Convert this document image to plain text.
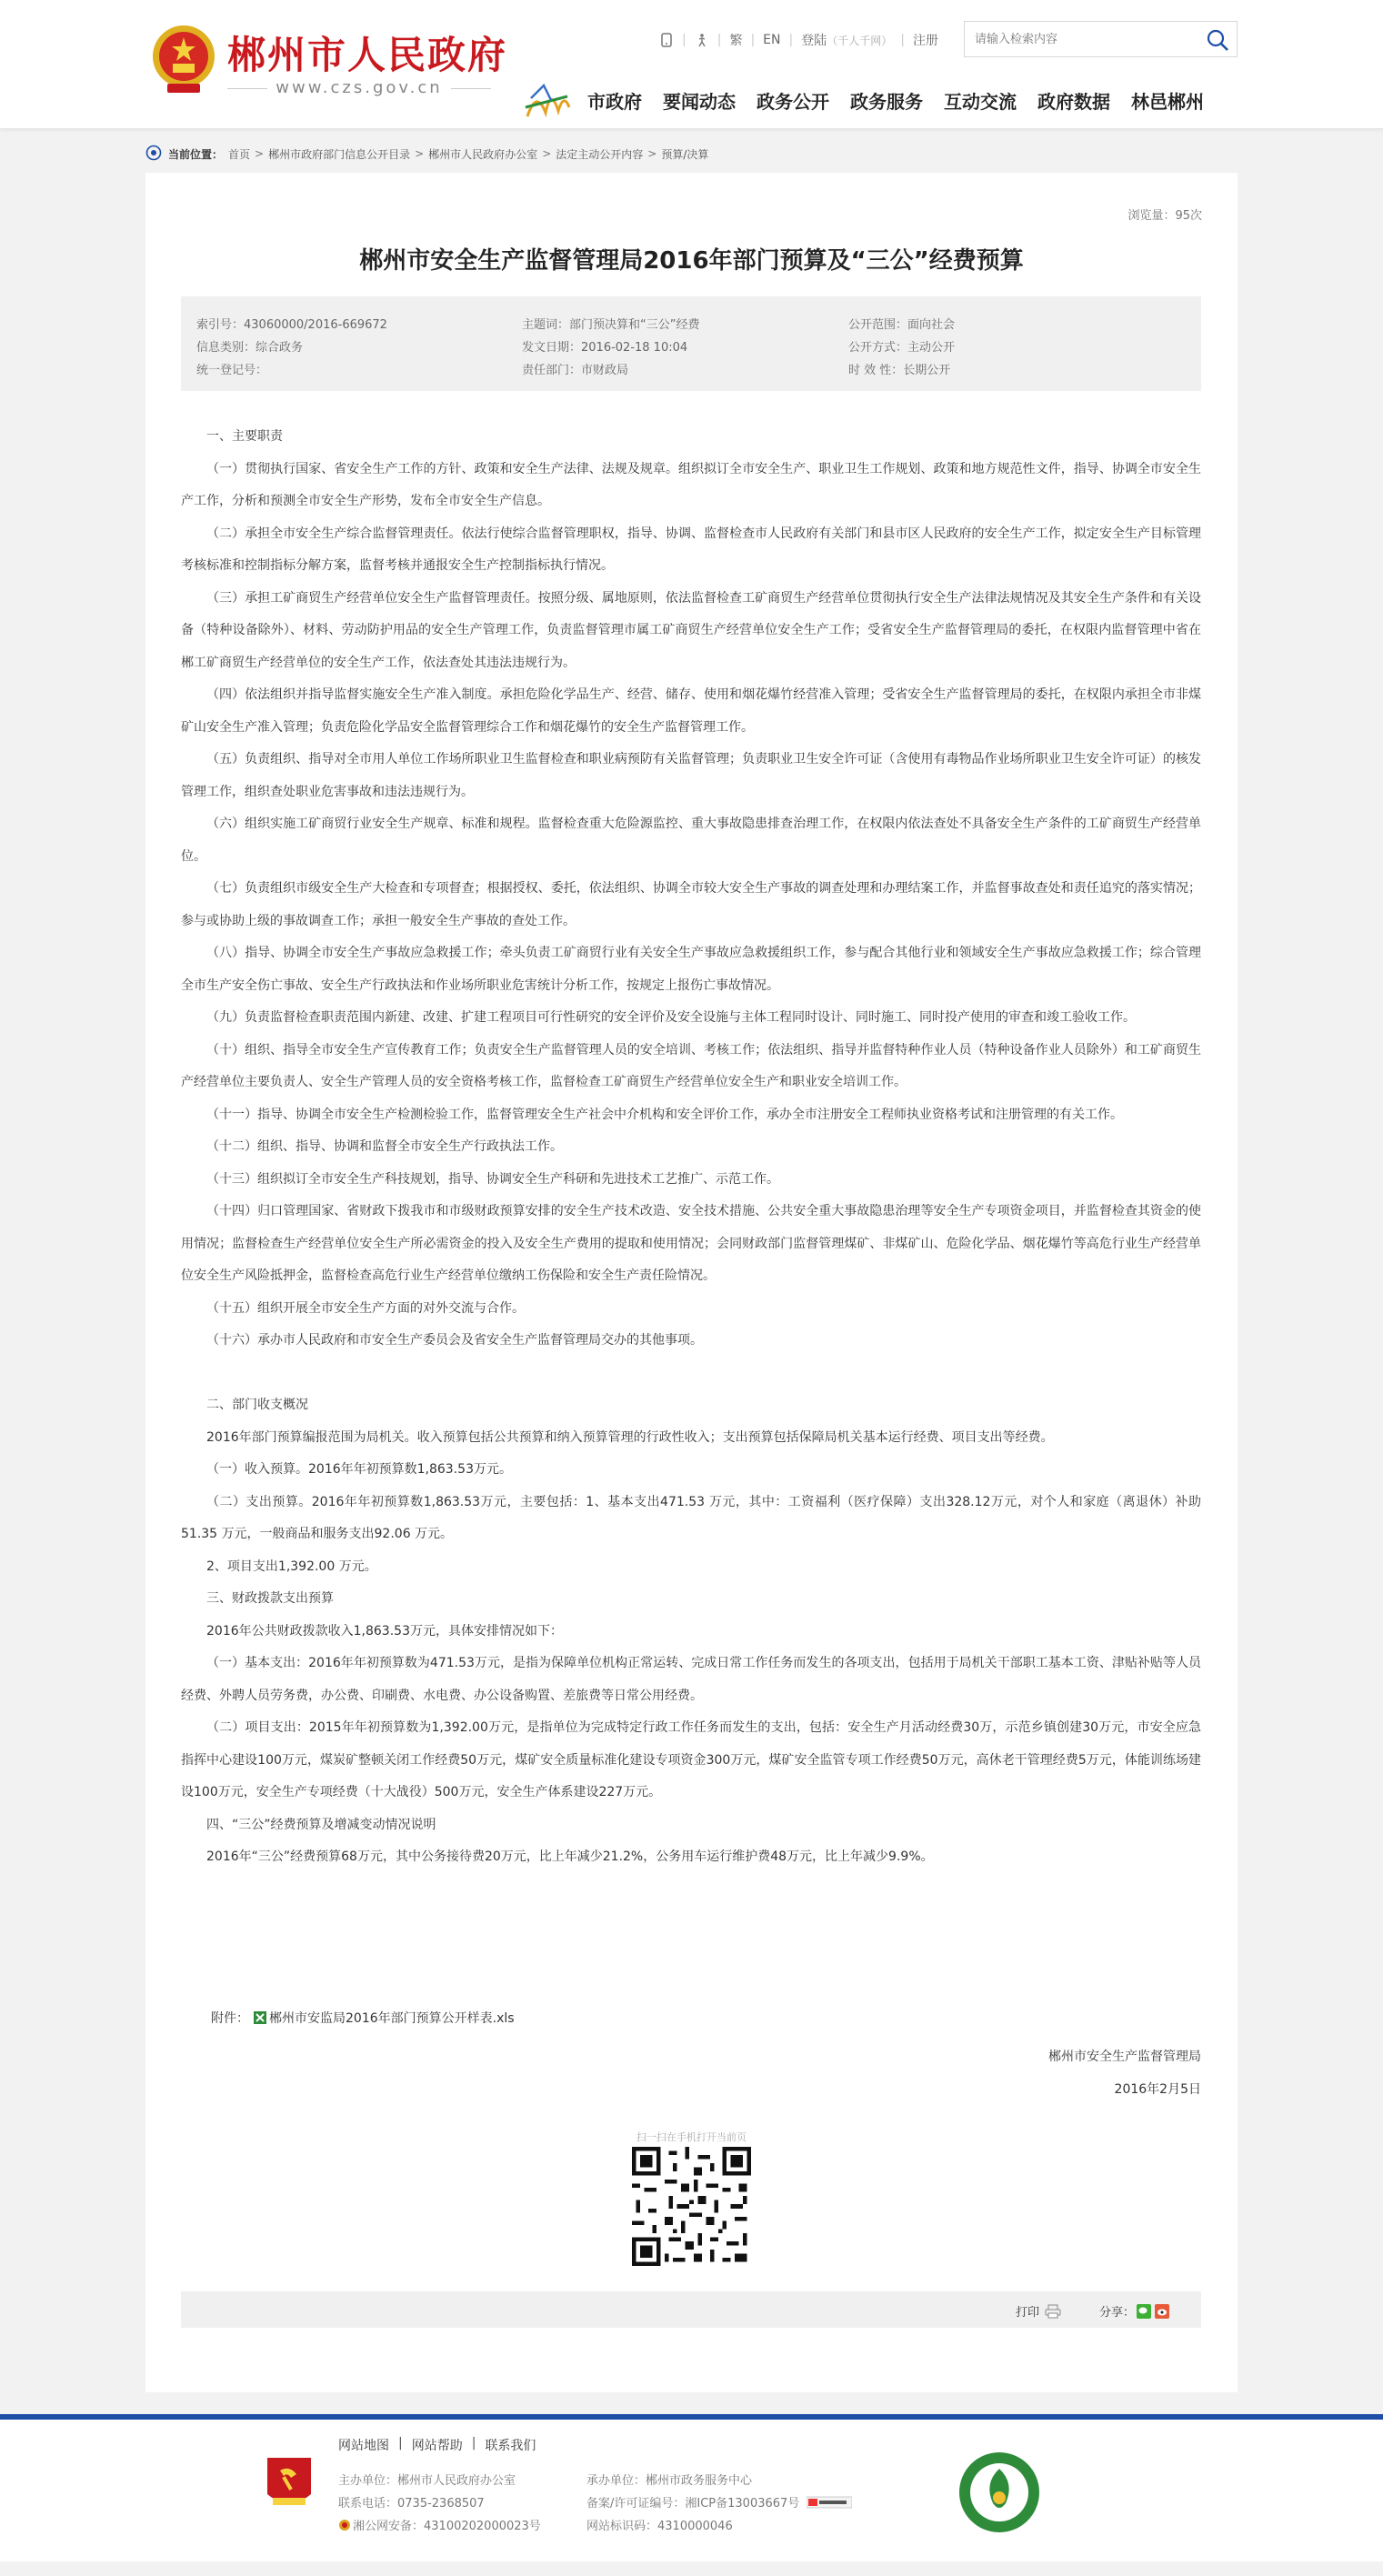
郴州市人民政府
www.czs.gov.cn
| | 繁 | EN | 登陆 （千人千网） | 注册
请输入检索内容
市政府 要闻动态 政务公开 政务服务 互动交流 政府数据 林邑郴州
当前位置： 首页 > 郴州市政府部门信息公开目录 > 郴州市人民政府办公室 > 法定主动公开内容 > 预算/决算
浏览量：95次
郴州市安全生产监督管理局2016年部门预算及“三公”经费预算
索引号：43060000/2016-669672
信息类别：综合政务
统一登记号：
主题词：部门预决算和“三公”经费
发文日期：2016-02-18 10:04
责任部门：市财政局
公开范围：面向社会
公开方式：主动公开
时 效 性：长期公开

一、主要职责

（一）贯彻执行国家、省安全生产工作的方针、政策和安全生产法律、法规及规章。组织拟订全市安全生产、职业卫生工作规划、政策和地方规范性文件，指导、协调全市安全生产工作，分析和预测全市安全生产形势，发布全市安全生产信息。

（二）承担全市安全生产综合监督管理责任。依法行使综合监督管理职权，指导、协调、监督检查市人民政府有关部门和县市区人民政府的安全生产工作，拟定安全生产目标管理考核标准和控制指标分解方案，监督考核并通报安全生产控制指标执行情况。

（三）承担工矿商贸生产经营单位安全生产监督管理责任。按照分级、属地原则，依法监督检查工矿商贸生产经营单位贯彻执行安全生产法律法规情况及其安全生产条件和有关设备（特种设备除外）、材料、劳动防护用品的安全生产管理工作，负责监督管理市属工矿商贸生产经营单位安全生产工作；受省安全生产监督管理局的委托，在权限内监督管理中省在郴工矿商贸生产经营单位的安全生产工作，依法查处其违法违规行为。

（四）依法组织并指导监督实施安全生产准入制度。承担危险化学品生产、经营、储存、使用和烟花爆竹经营准入管理；受省安全生产监督管理局的委托，在权限内承担全市非煤矿山安全生产准入管理；负责危险化学品安全监督管理综合工作和烟花爆竹的安全生产监督管理工作。

（五）负责组织、指导对全市用人单位工作场所职业卫生监督检查和职业病预防有关监督管理；负责职业卫生安全许可证（含使用有毒物品作业场所职业卫生安全许可证）的核发管理工作，组织查处职业危害事故和违法违规行为。

（六）组织实施工矿商贸行业安全生产规章、标准和规程。监督检查重大危险源监控、重大事故隐患排查治理工作，在权限内依法查处不具备安全生产条件的工矿商贸生产经营单位。

（七）负责组织市级安全生产大检查和专项督查；根据授权、委托，依法组织、协调全市较大安全生产事故的调查处理和办理结案工作，并监督事故查处和责任追究的落实情况；参与或协助上级的事故调查工作；承担一般安全生产事故的查处工作。

（八）指导、协调全市安全生产事故应急救援工作；牵头负责工矿商贸行业有关安全生产事故应急救援组织工作，参与配合其他行业和领域安全生产事故应急救援工作；综合管理全市生产安全伤亡事故、安全生产行政执法和作业场所职业危害统计分析工作，按规定上报伤亡事故情况。

（九）负责监督检查职责范围内新建、改建、扩建工程项目可行性研究的安全评价及安全设施与主体工程同时设计、同时施工、同时投产使用的审查和竣工验收工作。

（十）组织、指导全市安全生产宣传教育工作；负责安全生产监督管理人员的安全培训、考核工作；依法组织、指导并监督特种作业人员（特种设备作业人员除外）和工矿商贸生产经营单位主要负责人、安全生产管理人员的安全资格考核工作，监督检查工矿商贸生产经营单位安全生产和职业安全培训工作。

（十一）指导、协调全市安全生产检测检验工作，监督管理安全生产社会中介机构和安全评价工作，承办全市注册安全工程师执业资格考试和注册管理的有关工作。

（十二）组织、指导、协调和监督全市安全生产行政执法工作。

（十三）组织拟订全市安全生产科技规划，指导、协调安全生产科研和先进技术工艺推广、示范工作。

（十四）归口管理国家、省财政下拨我市和市级财政预算安排的安全生产技术改造、安全技术措施、公共安全重大事故隐患治理等安全生产专项资金项目，并监督检查其资金的使用情况；监督检查生产经营单位安全生产所必需资金的投入及安全生产费用的提取和使用情况；会同财政部门监督管理煤矿、非煤矿山、危险化学品、烟花爆竹等高危行业生产经营单位安全生产风险抵押金，监督检查高危行业生产经营单位缴纳工伤保险和安全生产责任险情况。

（十五）组织开展全市安全生产方面的对外交流与合作。

（十六）承办市人民政府和市安全生产委员会及省安全生产监督管理局交办的其他事项。

二、部门收支概况

2016年部门预算编报范围为局机关。收入预算包括公共预算和纳入预算管理的行政性收入；支出预算包括保障局机关基本运行经费、项目支出等经费。

（一）收入预算。2016年年初预算数1,863.53万元。

（二）支出预算。2016年年初预算数1,863.53万元，主要包括：1、基本支出471.53 万元，其中：工资福利（医疗保障）支出328.12万元，对个人和家庭（离退休）补助51.35 万元，一般商品和服务支出92.06 万元。

2、项目支出1,392.00 万元。

三、财政拨款支出预算

2016年公共财政拨款收入1,863.53万元，具体安排情况如下：

（一）基本支出：2016年年初预算数为471.53万元，是指为保障单位机构正常运转、完成日常工作任务而发生的各项支出，包括用于局机关干部职工基本工资、津贴补贴等人员经费、外聘人员劳务费，办公费、印刷费、水电费、办公设备购置、差旅费等日常公用经费。

（二）项目支出：2015年年初预算数为1,392.00万元，是指单位为完成特定行政工作任务而发生的支出，包括：安全生产月活动经费30万，示范乡镇创建30万元，市安全应急指挥中心建设100万元，煤炭矿整顿关闭工作经费50万元，煤矿安全质量标准化建设专项资金300万元，煤矿安全监管专项工作经费50万元，高休老干管理经费5万元，体能训练场建设100万元，安全生产专项经费（十大战役）500万元，安全生产体系建设227万元。

四、“三公”经费预算及增减变动情况说明

2016年“三公”经费预算68万元，其中公务接待费20万元，比上年减少21.2%，公务用车运行维护费48万元，比上年减少9.9%。

附件： 郴州市安监局2016年部门预算公开样表.xls
郴州市安全生产监督管理局
2016年2月5日
扫一扫在手机打开当前页
打印	分享：
网站地图 | 网站帮助 | 联系我们
主办单位：郴州市人民政府办公室
联系电话：0735-2368507
湘公网安备：43100202000023号
承办单位：郴州市政务服务中心
备案/许可证编号：湘ICP备13003667号
网站标识码：4310000046
